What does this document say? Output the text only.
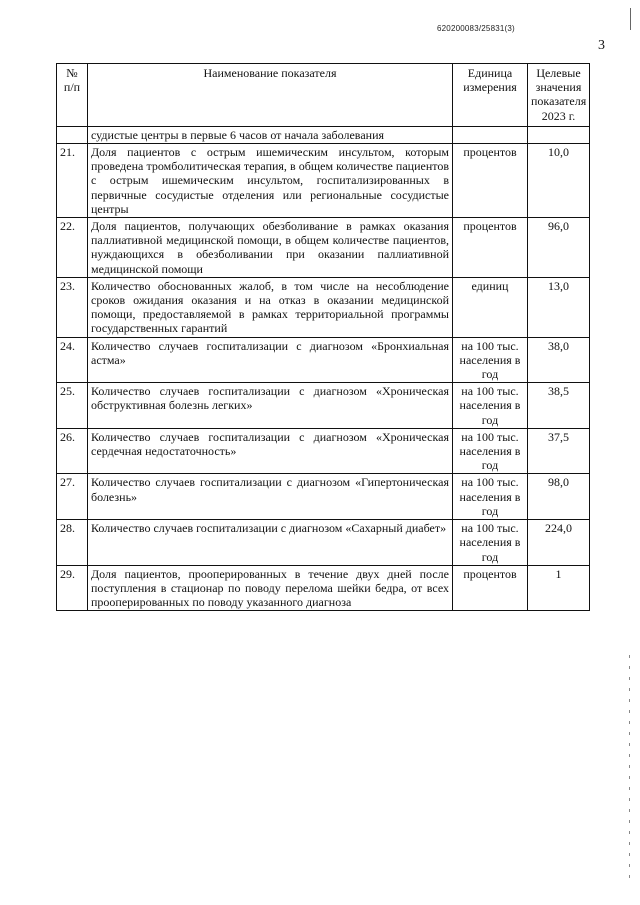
620200083/25831(3)
3
№ п/п	Наименование показателя	Единица измерения	Целевые значения показателя 2023 г.
	судистые центры в первые 6 часов от начала заболевания		
21.	Доля пациентов с острым ишемическим инсультом, которым проведена тромболитическая терапия, в общем количестве пациентов с острым ишемическим инсультом, госпитализированных в первичные сосудистые отделения или региональные сосудистые центры	процентов	10,0
22.	Доля пациентов, получающих обезболивание в рамках оказания паллиативной медицинской помощи, в общем количестве пациентов, нуждающихся в обезболивании при оказании паллиативной медицинской помощи	процентов	96,0
23.	Количество обоснованных жалоб, в том числе на несоблюдение сроков ожидания оказания и на отказ в оказании медицинской помощи, предоставляемой в рамках территориальной программы государственных гарантий	единиц	13,0
24.	Количество случаев госпитализации с диагнозом «Бронхиальная астма»	на 100 тыс. населения в год	38,0
25.	Количество случаев госпитализации с диагнозом «Хроническая обструктивная болезнь легких»	на 100 тыс. населения в год	38,5
26.	Количество случаев госпитализации с диагнозом «Хроническая сердечная недостаточность»	на 100 тыс. населения в год	37,5
27.	Количество случаев госпитализации с диагнозом «Гипертоническая болезнь»	на 100 тыс. населения в год	98,0
28.	Количество случаев госпитализации с диагнозом «Сахарный диабет»	на 100 тыс. населения в год	224,0
29.	Доля пациентов, прооперированных в течение двух дней после поступления в стационар по поводу перелома шейки бедра, от всех прооперированных по поводу указанного диагноза	процентов	1
